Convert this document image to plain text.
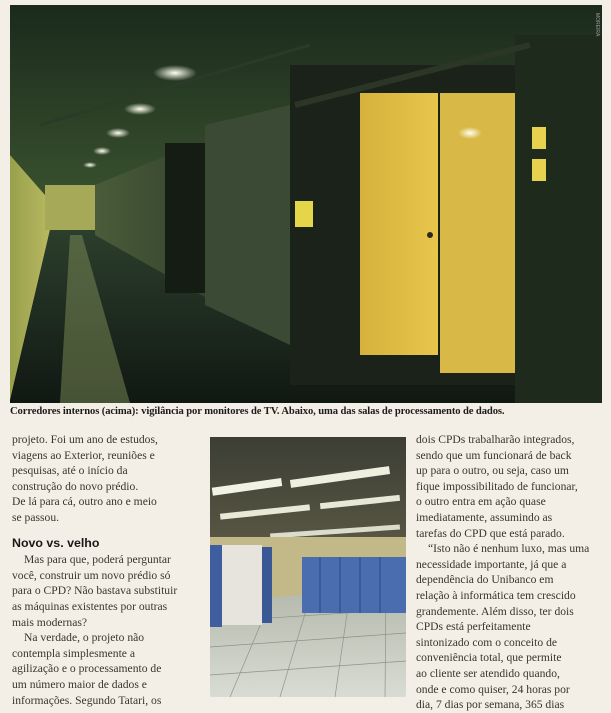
MOREIRA
Corredores internos (acima): vigilância por monitores de TV. Abaixo, uma das salas de processamento de dados.

projeto. Foi um ano de estudos,

viagens ao Exterior, reuniões e

pesquisas, até o início da

construção do novo prédio.

De lá para cá, outro ano e meio

se passou.

Novo vs. velho

Mas para que, poderá perguntar

você, construir um novo prédio só

para o CPD? Não bastava substituir

as máquinas existentes por outras

mais modernas?

Na verdade, o projeto não

contempla simplesmente a

agilização e o processamento de

um número maior de dados e

informações. Segundo Tatari, os

dois CPDs trabalharão integrados,

sendo que um funcionará de back

up para o outro, ou seja, caso um

fique impossibilitado de funcionar,

o outro entra em ação quase

imediatamente, assumindo as

tarefas do CPD que está parado.

“Isto não é nenhum luxo, mas uma

necessidade importante, já que a

dependência do Unibanco em

relação à informática tem crescido

grandemente. Além disso, ter dois

CPDs está perfeitamente

sintonizado com o conceito de

conveniência total, que permite

ao cliente ser atendido quando,

onde e como quiser, 24 horas por

dia, 7 dias por semana, 365 dias
